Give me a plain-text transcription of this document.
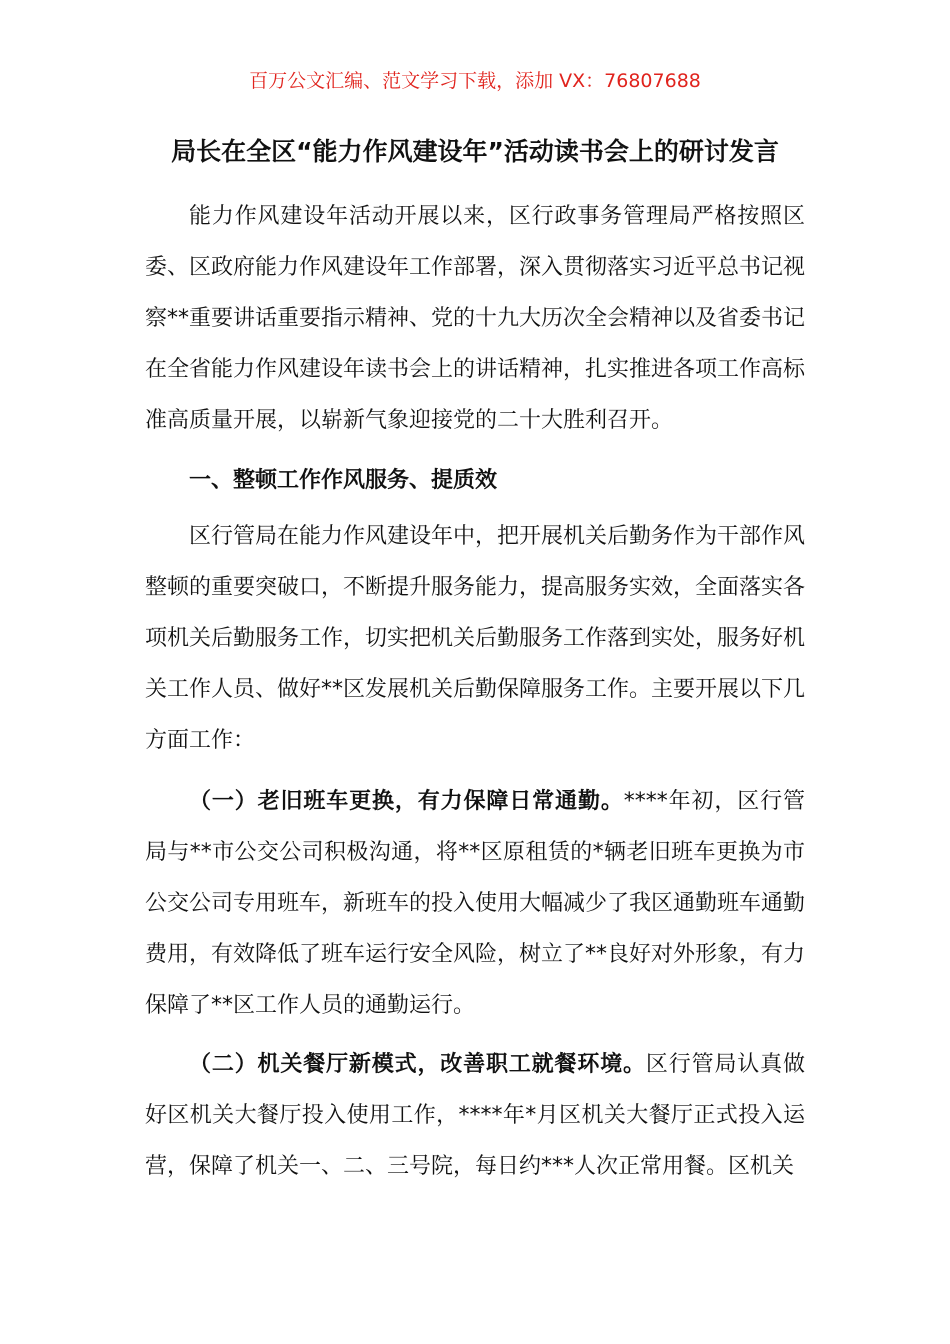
百万公文汇编、范文学习下载，添加 VX：76807688
局长在全区“能力作风建设年”活动读书会上的研讨发言

能力作风建设年活动开展以来，区行政事务管理局严格按照区委、区政府能力作风建设年工作部署，深入贯彻落实习近平总书记视察**重要讲话重要指示精神、党的十九大历次全会精神以及省委书记在全省能力作风建设年读书会上的讲话精神，扎实推进各项工作高标准高质量开展，以崭新气象迎接党的二十大胜利召开。

一、整顿工作作风服务、提质效

区行管局在能力作风建设年中，把开展机关后勤务作为干部作风整顿的重要突破口，不断提升服务能力，提高服务实效，全面落实各项机关后勤服务工作，切实把机关后勤服务工作落到实处，服务好机关工作人员、做好**区发展机关后勤保障服务工作。主要开展以下几方面工作：

（一）老旧班车更换，有力保障日常通勤。****年初，区行管局与**市公交公司积极沟通，将**区原租赁的*辆老旧班车更换为市公交公司专用班车，新班车的投入使用大幅减少了我区通勤班车通勤费用，有效降低了班车运行安全风险，树立了**良好对外形象，有力保障了**区工作人员的通勤运行。

（二）机关餐厅新模式，改善职工就餐环境。区行管局认真做好区机关大餐厅投入使用工作，****年*月区机关大餐厅正式投入运营，保障了机关一、二、三号院，每日约***人次正常用餐。区机关
